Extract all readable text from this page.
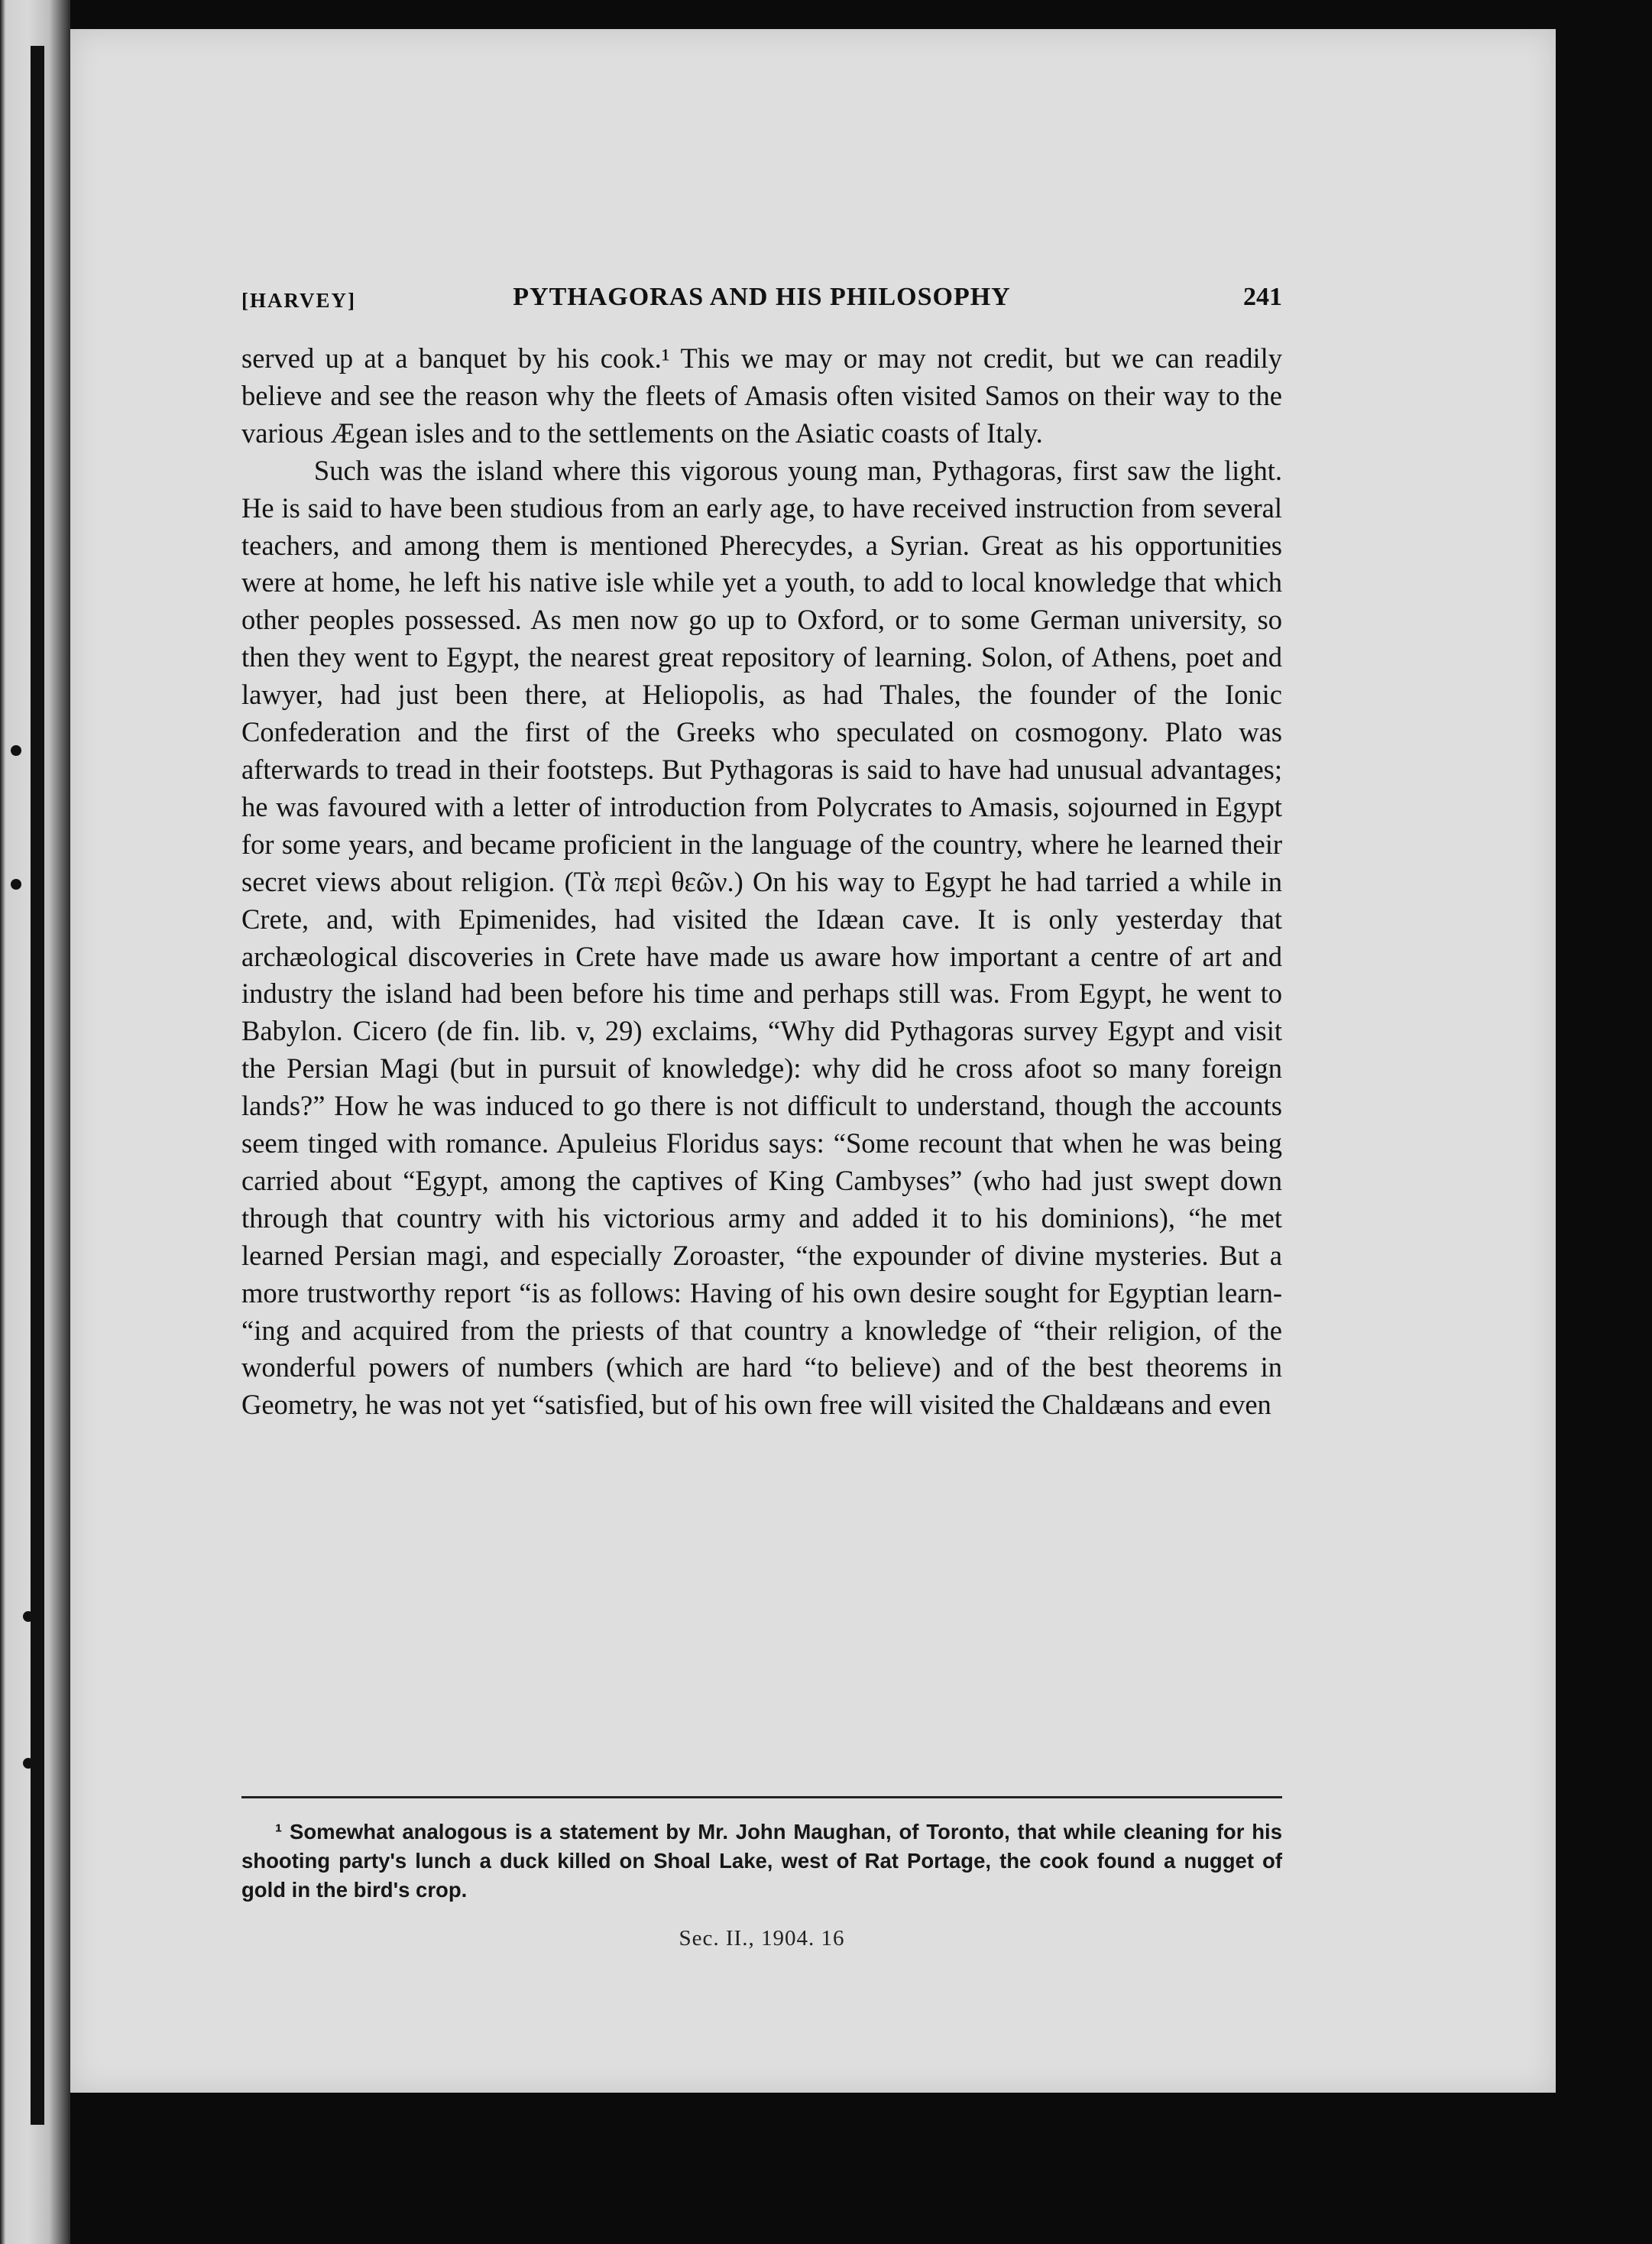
[HARVEY]	PYTHAGORAS AND HIS PHILOSOPHY	241

served up at a banquet by his cook.¹ This we may or may not credit, but we can readily believe and see the reason why the fleets of Amasis often visited Samos on their way to the various Ægean isles and to the settlements on the Asiatic coasts of Italy.

Such was the island where this vigorous young man, Pythagoras, first saw the light. He is said to have been studious from an early age, to have received instruction from several teachers, and among them is mentioned Pherecydes, a Syrian. Great as his opportunities were at home, he left his native isle while yet a youth, to add to local knowledge that which other peoples possessed. As men now go up to Oxford, or to some German university, so then they went to Egypt, the nearest great repository of learning. Solon, of Athens, poet and lawyer, had just been there, at Heliopolis, as had Thales, the founder of the Ionic Confederation and the first of the Greeks who speculated on cosmogony. Plato was afterwards to tread in their footsteps. But Pythagoras is said to have had unusual advantages; he was favoured with a letter of introduction from Polycrates to Amasis, sojourned in Egypt for some years, and became proficient in the language of the country, where he learned their secret views about religion. (Τὰ περὶ θεῶν.) On his way to Egypt he had tarried a while in Crete, and, with Epimenides, had visited the Idæan cave. It is only yesterday that archæological discoveries in Crete have made us aware how important a centre of art and industry the island had been before his time and perhaps still was. From Egypt, he went to Babylon. Cicero (de fin. lib. v, 29) exclaims, “Why did Pythagoras survey Egypt and visit the Persian Magi (but in pursuit of knowledge): why did he cross afoot so many foreign lands?” How he was induced to go there is not difficult to understand, though the accounts seem tinged with romance. Apuleius Floridus says: “Some recount that when he was being carried about “Egypt, among the captives of King Cambyses” (who had just swept down through that country with his victorious army and added it to his dominions), “he met learned Persian magi, and especially Zoroaster, “the expounder of divine mysteries. But a more trustworthy report “is as follows: Having of his own desire sought for Egyptian learn- “ing and acquired from the priests of that country a knowledge of “their religion, of the wonderful powers of numbers (which are hard “to believe) and of the best theorems in Geometry, he was not yet “satisfied, but of his own free will visited the Chaldæans and even

¹ Somewhat analogous is a statement by Mr. John Maughan, of Toronto, that while cleaning for his shooting party's lunch a duck killed on Shoal Lake, west of Rat Portage, the cook found a nugget of gold in the bird's crop.
Sec. II., 1904. 16
